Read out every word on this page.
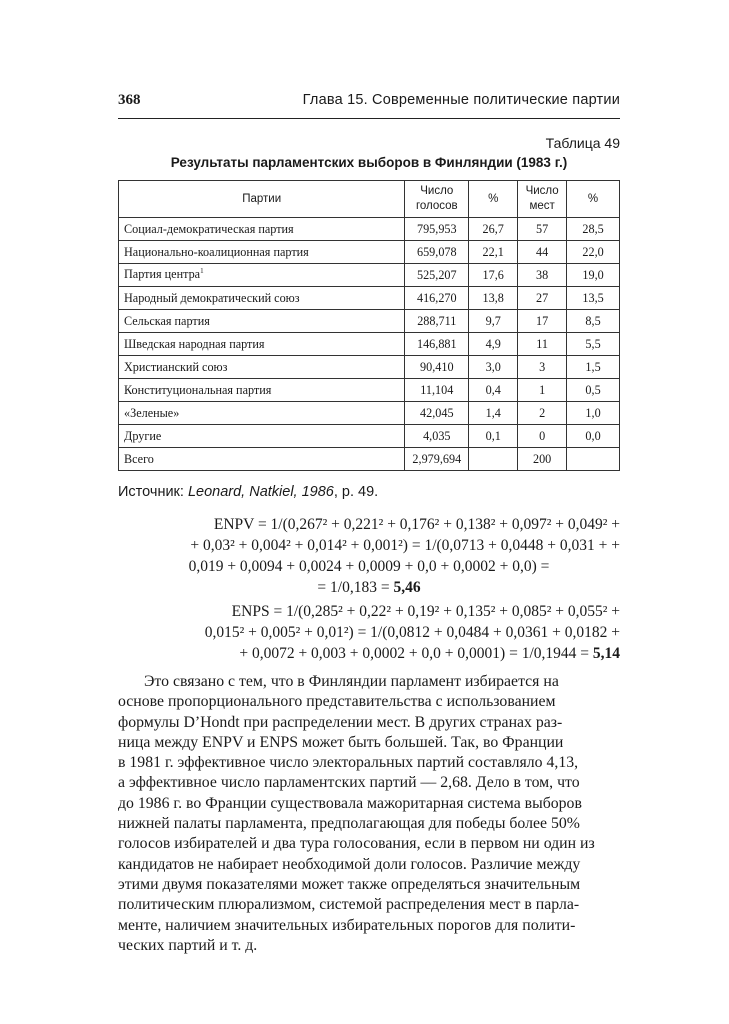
368	Глава 15. Современные политические партии
Таблица 49
Результаты парламентских выборов в Финляндии (1983 г.)
Партии	Число голосов	%	Число мест	%
Социал-демократическая партия	795,953	26,7	57	28,5
Национально-коалиционная партия	659,078	22,1	44	22,0
Партия центра$^1$	525,207	17,6	38	19,0
Народный демократический союз	416,270	13,8	27	13,5
Сельская партия	288,711	9,7	17	8,5
Шведская народная партия	146,881	4,9	11	5,5
Христианский союз	90,410	3,0	3	1,5
Конституциональная партия	11,104	0,4	1	0,5
«Зеленые»	42,045	1,4	2	1,0
Другие	4,035	0,1	0	0,0
Всего	2,979,694		200	
Источник: Leonard, Natkiel, 1986, р. 49.
ENPV = 1/(0,267² + 0,221² + 0,176² + 0,138² + 0,097² + 0,049² +
+ 0,03² + 0,004² + 0,014² + 0,001²) = 1/(0,0713 + 0,0448 + 0,031 + +
0,019 + 0,0094 + 0,0024 + 0,0009 + 0,0 + 0,0002 + 0,0) =
= 1/0,183 = 5,46
ENPS = 1/(0,285² + 0,22² + 0,19² + 0,135² + 0,085² + 0,055² +
0,015² + 0,005² + 0,01²) = 1/(0,0812 + 0,0484 + 0,0361 + 0,0182 +
+ 0,0072 + 0,003 + 0,0002 + 0,0 + 0,0001) = 1/0,1944 = 5,14
Это связано с тем, что в Финляндии парламент избирается на
основе пропорционального представительства с использованием
формулы D’Hondt при распределении мест. В других странах раз-
ница между ENPV и ENPS может быть большей. Так, во Франции
в 1981 г. эффективное число электоральных партий составляло 4,13,
а эффективное число парламентских партий — 2,68. Дело в том, что
до 1986 г. во Франции существовала мажоритарная система выборов
нижней палаты парламента, предполагающая для победы более 50%
голосов избирателей и два тура голосования, если в первом ни один из
кандидатов не набирает необходимой доли голосов. Различие между
этими двумя показателями может также определяться значительным
политическим плюрализмом, системой распределения мест в парла-
менте, наличием значительных избирательных порогов для полити-
ческих партий и т. д.
